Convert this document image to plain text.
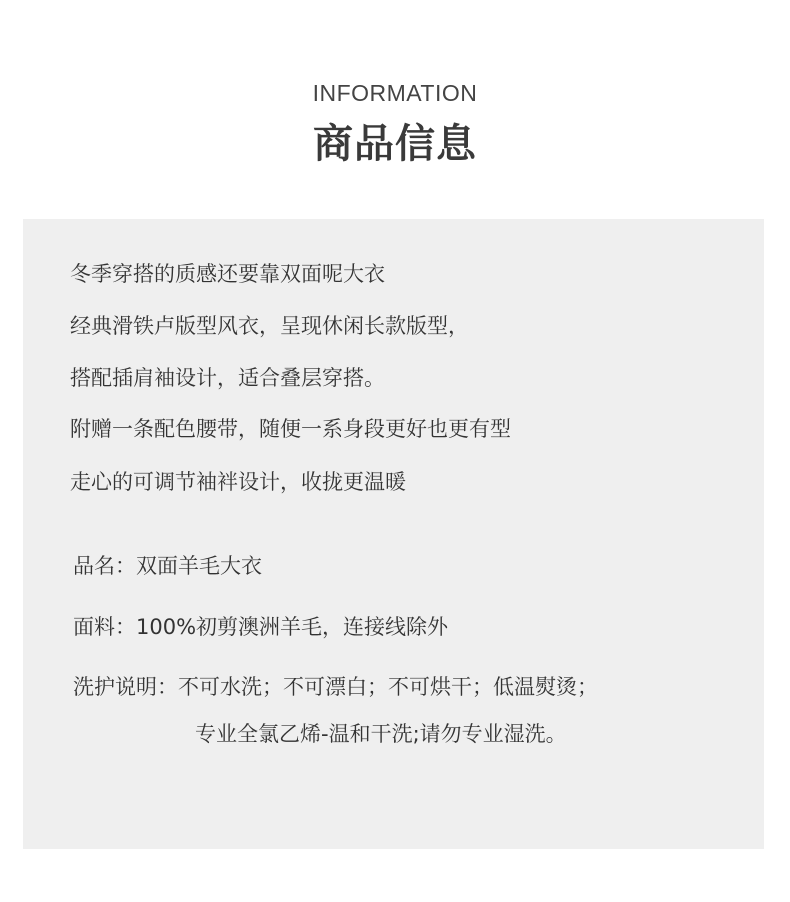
INFORMATION
商品信息
冬季穿搭的质感还要靠双面呢大衣
经典滑铁卢版型风衣，呈现休闲长款版型，
搭配插肩袖设计，适合叠层穿搭。
附赠一条配色腰带，随便一系身段更好也更有型
走心的可调节袖袢设计，收拢更温暖
品名：双面羊毛大衣
面料：100%初剪澳洲羊毛，连接线除外
洗护说明：不可水洗；不可漂白；不可烘干；低温熨烫；
专业全氯乙烯-温和干洗;请勿专业湿洗。
